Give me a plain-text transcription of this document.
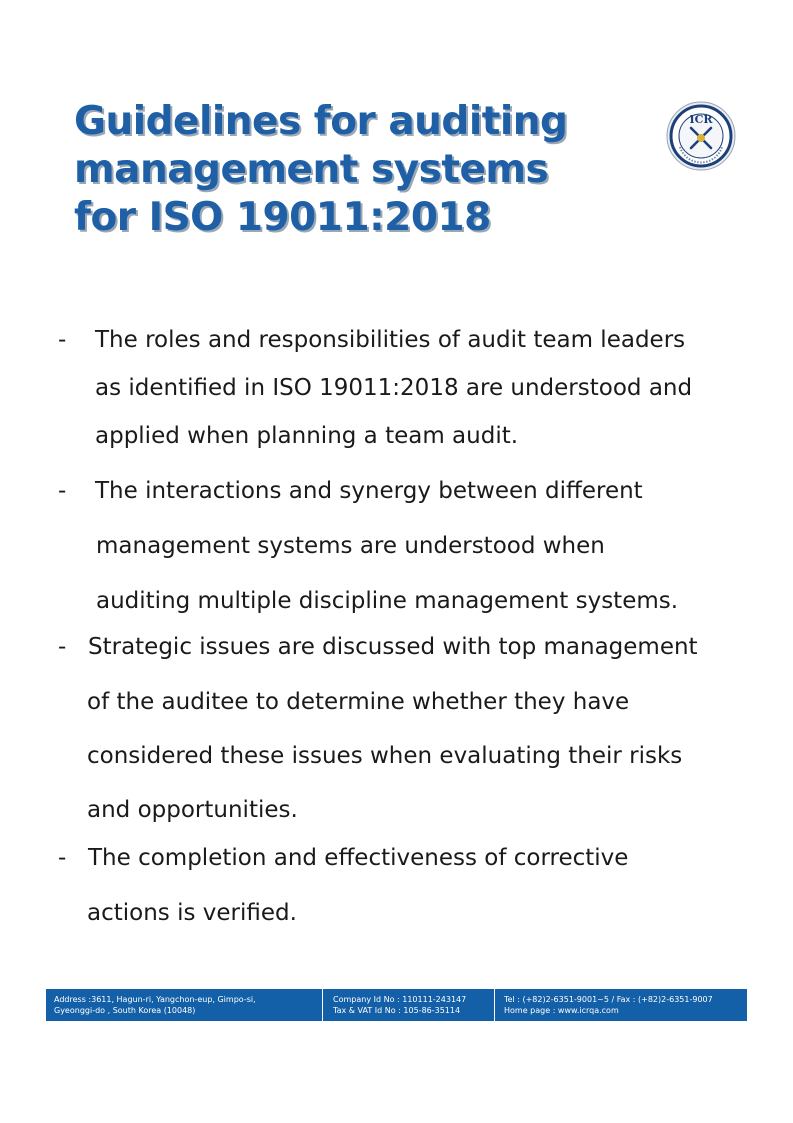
Guidelines for auditing
management systems
for ISO 19011:2018
ICR
- The roles and responsibilities of audit team leaders
as identified in ISO 19011:2018 are understood and
applied when planning a team audit.
- The interactions and synergy between different
management systems are understood when
auditing multiple discipline management systems.
- Strategic issues are discussed with top management
of the auditee to determine whether they have
considered these issues when evaluating their risks
and opportunities.
- The completion and effectiveness of corrective
actions is verified.
Address :3611, Hagun-ri, Yangchon-eup, Gimpo-si,
Gyeonggi-do , South Korea (10048)
Company Id No : 110111-243147
Tax & VAT Id No : 105-86-35114
Tel : (+82)2-6351-9001~5 / Fax : (+82)2-6351-9007
Home page : www.icrqa.com
